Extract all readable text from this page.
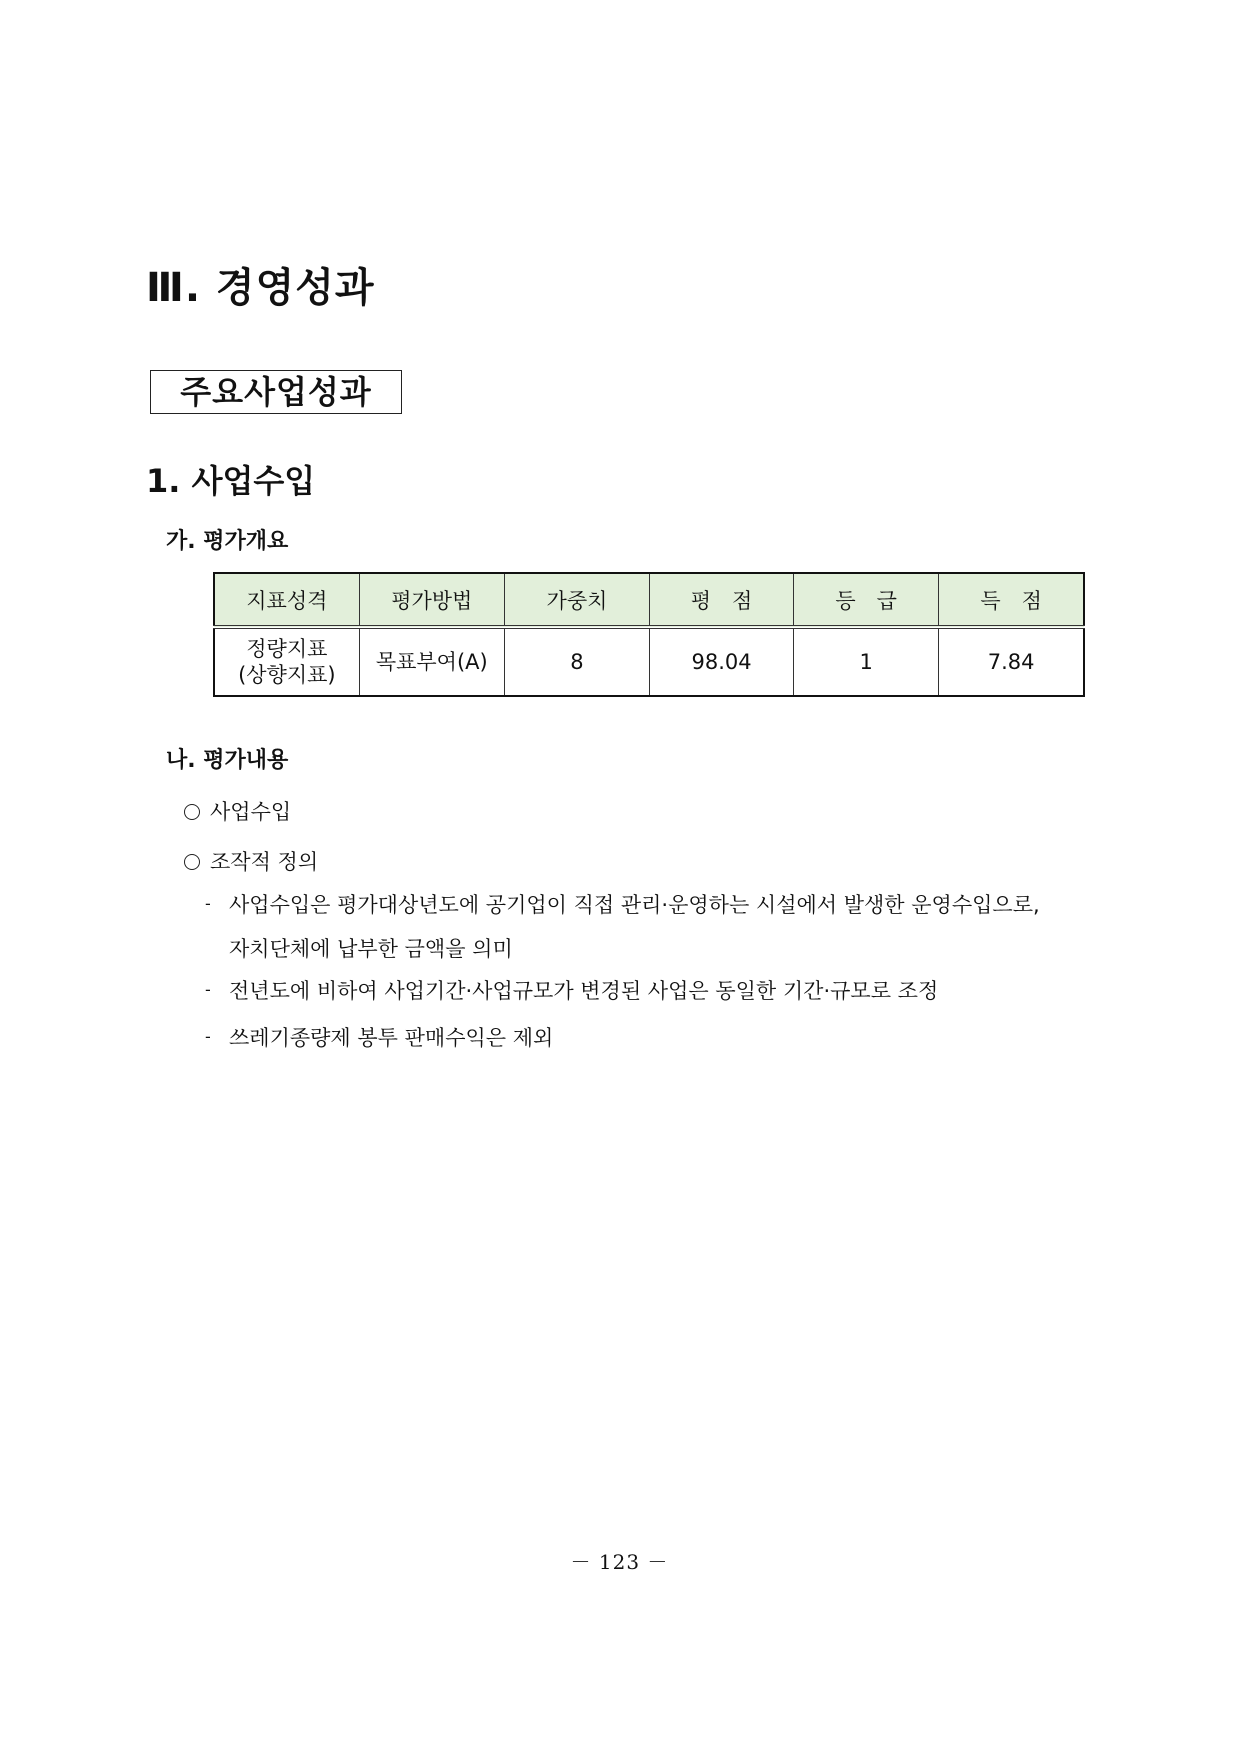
Ⅲ. 경영성과
주요사업성과
1. 사업수입
가. 평가개요
지표성격	평가방법	가중치	평　점	등　급	득　점

정량지표
(상향지표)	목표부여(A)	8	98.04	1	7.84
나. 평가내용
사업수입
조작적 정의
- 사업수입은 평가대상년도에 공기업이 직접 관리·운영하는 시설에서 발생한 운영수입으로,
자치단체에 납부한 금액을 의미
- 전년도에 비하여 사업기간·사업규모가 변경된 사업은 동일한 기간·규모로 조정
- 쓰레기종량제 봉투 판매수익은 제외
－ 123 －
